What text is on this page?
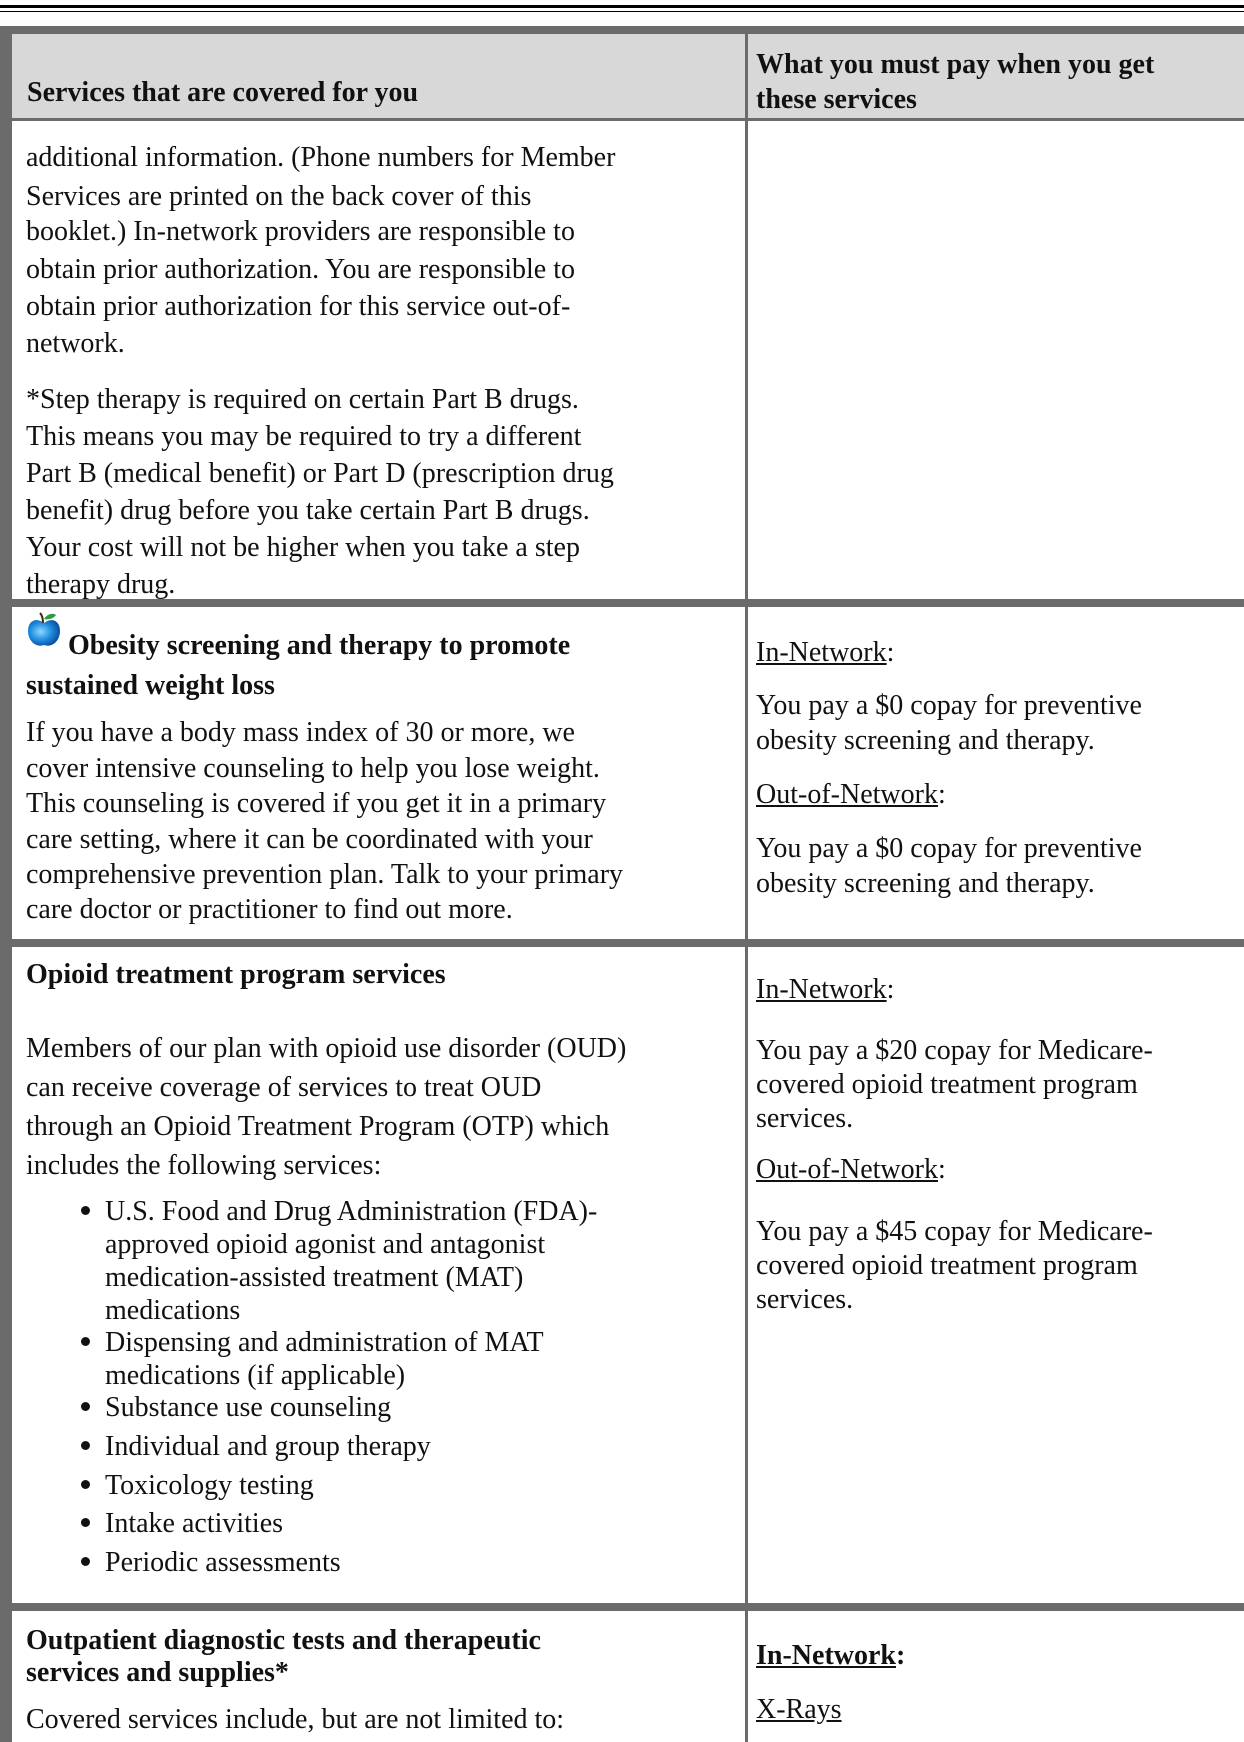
Services that are covered for you
What you must pay when you get
these services
additional information. (Phone numbers for Member
Services are printed on the back cover of this
booklet.) In-network providers are responsible to
obtain prior authorization. You are responsible to
obtain prior authorization for this service out-of-
network.
*Step therapy is required on certain Part B drugs.
This means you may be required to try a different
Part B (medical benefit) or Part D (prescription drug
benefit) drug before you take certain Part B drugs.
Your cost will not be higher when you take a step
therapy drug.
Obesity screening and therapy to promote
sustained weight loss
If you have a body mass index of 30 or more, we
cover intensive counseling to help you lose weight.
This counseling is covered if you get it in a primary
care setting, where it can be coordinated with your
comprehensive prevention plan. Talk to your primary
care doctor or practitioner to find out more.
In-Network:
You pay a $0 copay for preventive
obesity screening and therapy.
Out-of-Network:
You pay a $0 copay for preventive
obesity screening and therapy.
Opioid treatment program services
Members of our plan with opioid use disorder (OUD)
can receive coverage of services to treat OUD
through an Opioid Treatment Program (OTP) which
includes the following services:
U.S. Food and Drug Administration (FDA)-
approved opioid agonist and antagonist
medication-assisted treatment (MAT)
medications
Dispensing and administration of MAT
medications (if applicable)
Substance use counseling
Individual and group therapy
Toxicology testing
Intake activities
Periodic assessments
In-Network:
You pay a $20 copay for Medicare-
covered opioid treatment program
services.
Out-of-Network:
You pay a $45 copay for Medicare-
covered opioid treatment program
services.
Outpatient diagnostic tests and therapeutic
services and supplies*
Covered services include, but are not limited to:
In-Network:
X-Rays
